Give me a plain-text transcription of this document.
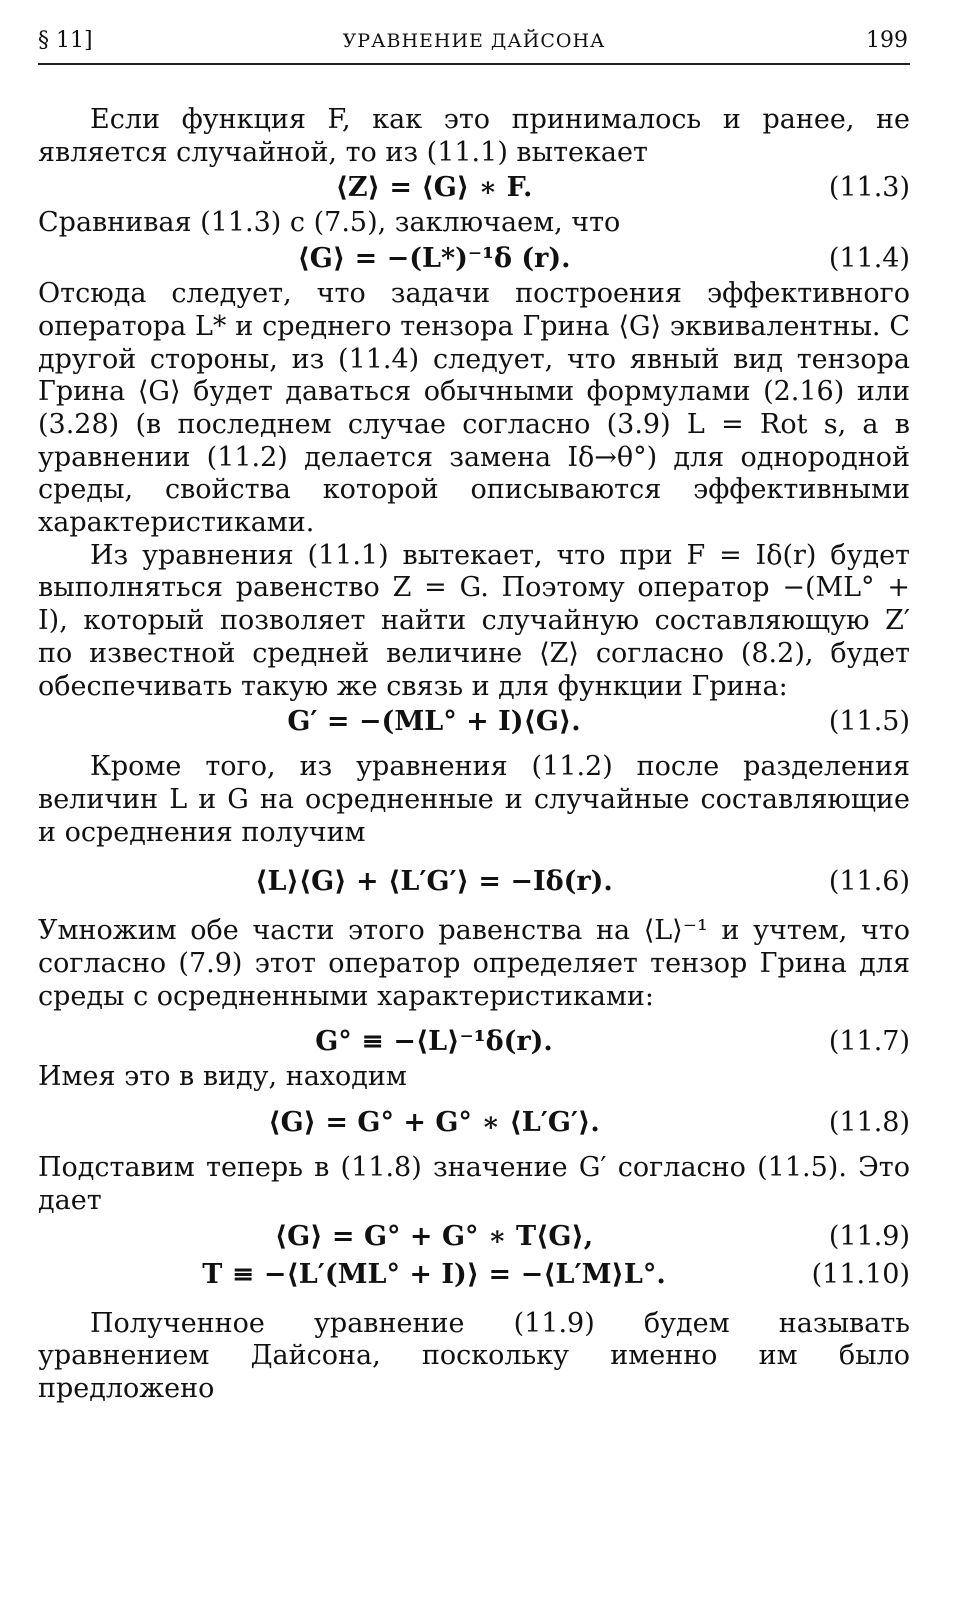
§ 11]	УРАВНЕНИЕ ДАЙСОНА	199

Если функция F, как это принималось и ранее, не является случайной, то из (11.1) вытекает

⟨Z⟩ = ⟨G⟩ ∗ F.	(11.3)

Сравнивая (11.3) с (7.5), заключаем, что

⟨G⟩ = −(L*)⁻¹δ (r).	(11.4)

Отсюда следует, что задачи построения эффективного оператора L* и среднего тензора Грина ⟨G⟩ эквивалентны. С другой стороны, из (11.4) следует, что явный вид тензора Грина ⟨G⟩ будет даваться обычными формулами (2.16) или (3.28) (в последнем случае согласно (3.9) L = Rot s, а в уравнении (11.2) делается замена Iδ→θ°) для однородной среды, свойства которой описываются эффективными характеристиками.

Из уравнения (11.1) вытекает, что при F = Iδ(r) будет выполняться равенство Z = G. Поэтому оператор −(ML° + I), который позволяет найти случайную составляющую Z′ по известной средней величине ⟨Z⟩ согласно (8.2), будет обеспечивать такую же связь и для функции Грина:

G′ = −(ML° + I)⟨G⟩.	(11.5)

Кроме того, из уравнения (11.2) после разделения величин L и G на осредненные и случайные составляющие и осреднения получим

⟨L⟩⟨G⟩ + ⟨L′G′⟩ = −Iδ(r).	(11.6)

Умножим обе части этого равенства на ⟨L⟩⁻¹ и учтем, что согласно (7.9) этот оператор определяет тензор Грина для среды с осредненными характеристиками:

G° ≡ −⟨L⟩⁻¹δ(r).	(11.7)

Имея это в виду, находим

⟨G⟩ = G° + G° ∗ ⟨L′G′⟩.	(11.8)

Подставим теперь в (11.8) значение G′ согласно (11.5). Это дает

⟨G⟩ = G° + G° ∗ T⟨G⟩,	(11.9)
T ≡ −⟨L′(ML° + I)⟩ = −⟨L′M⟩L°.	(11.10)

Полученное уравнение (11.9) будем называть уравнением Дайсона, поскольку именно им было предложено
